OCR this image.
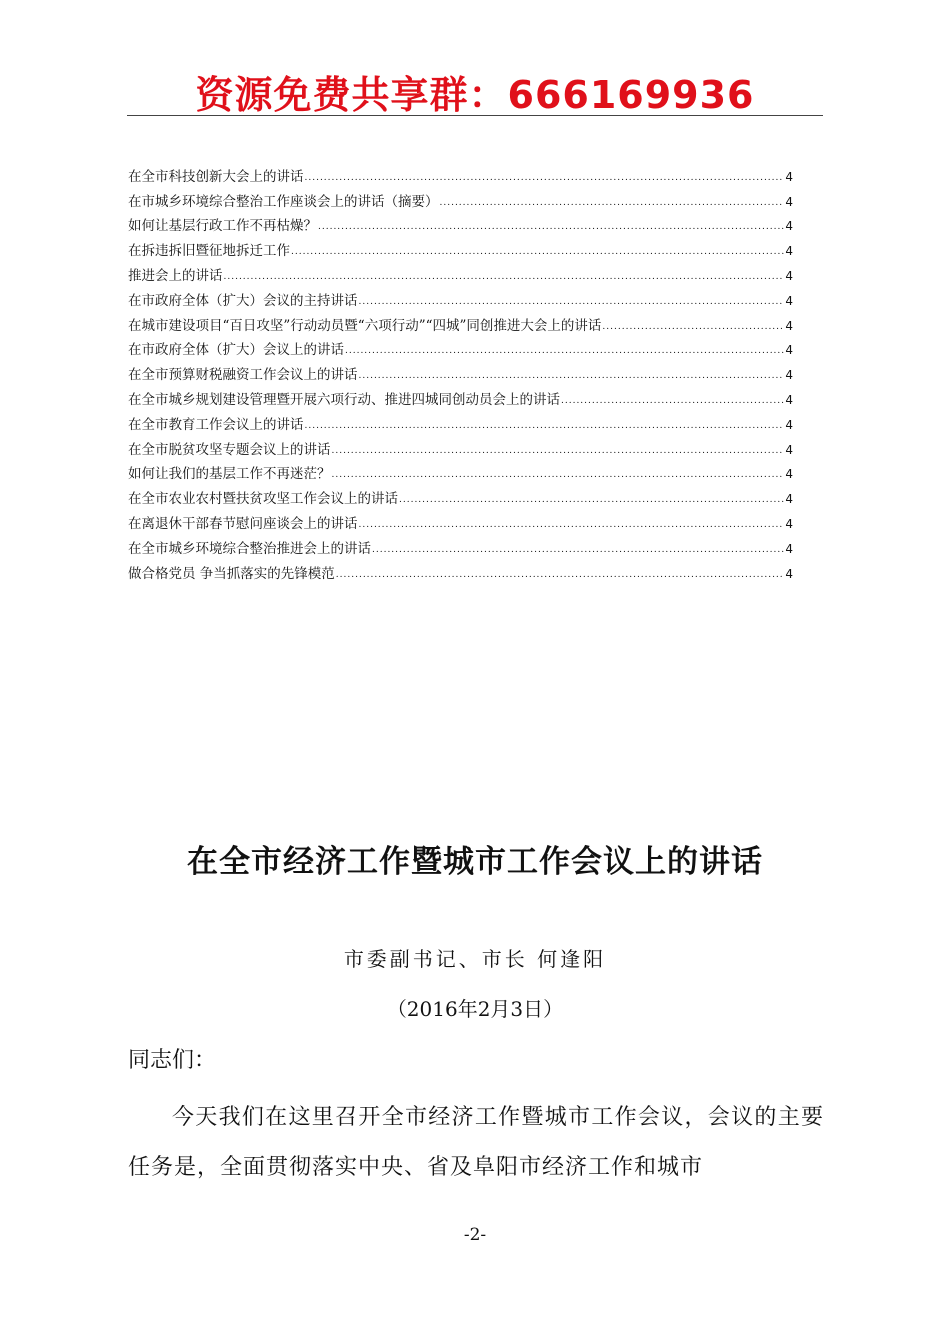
资源免费共享群：666169936
在全市科技创新大会上的讲话 .....	4
在市城乡环境综合整治工作座谈会上的讲话（摘要） .....	4
如何让基层行政工作不再枯燥？ .....	4
在拆违拆旧暨征地拆迁工作 .....	4
推进会上的讲话 .....	4
在市政府全体（扩大）会议的主持讲话 .....	4
在城市建设项目“百日攻坚”行动动员暨“六项行动”“四城”同创推进大会上的讲话 .....	4
在市政府全体（扩大）会议上的讲话 .....	4
在全市预算财税融资工作会议上的讲话 .....	4
在全市城乡规划建设管理暨开展六项行动、推进四城同创动员会上的讲话 .....	4
在全市教育工作会议上的讲话 .....	4
在全市脱贫攻坚专题会议上的讲话 .....	4
如何让我们的基层工作不再迷茫？ .....	4
在全市农业农村暨扶贫攻坚工作会议上的讲话 .....	4
在离退休干部春节慰问座谈会上的讲话 .....	4
在全市城乡环境综合整治推进会上的讲话 .....	4
做合格党员 争当抓落实的先锋模范 .....	4
在全市经济工作暨城市工作会议上的讲话
市委副书记、市长 何逢阳
（2016年2月3日）
同志们：
今天我们在这里召开全市经济工作暨城市工作会议，会议的主要任务是，全面贯彻落实中央、省及阜阳市经济工作和城市
-2-
